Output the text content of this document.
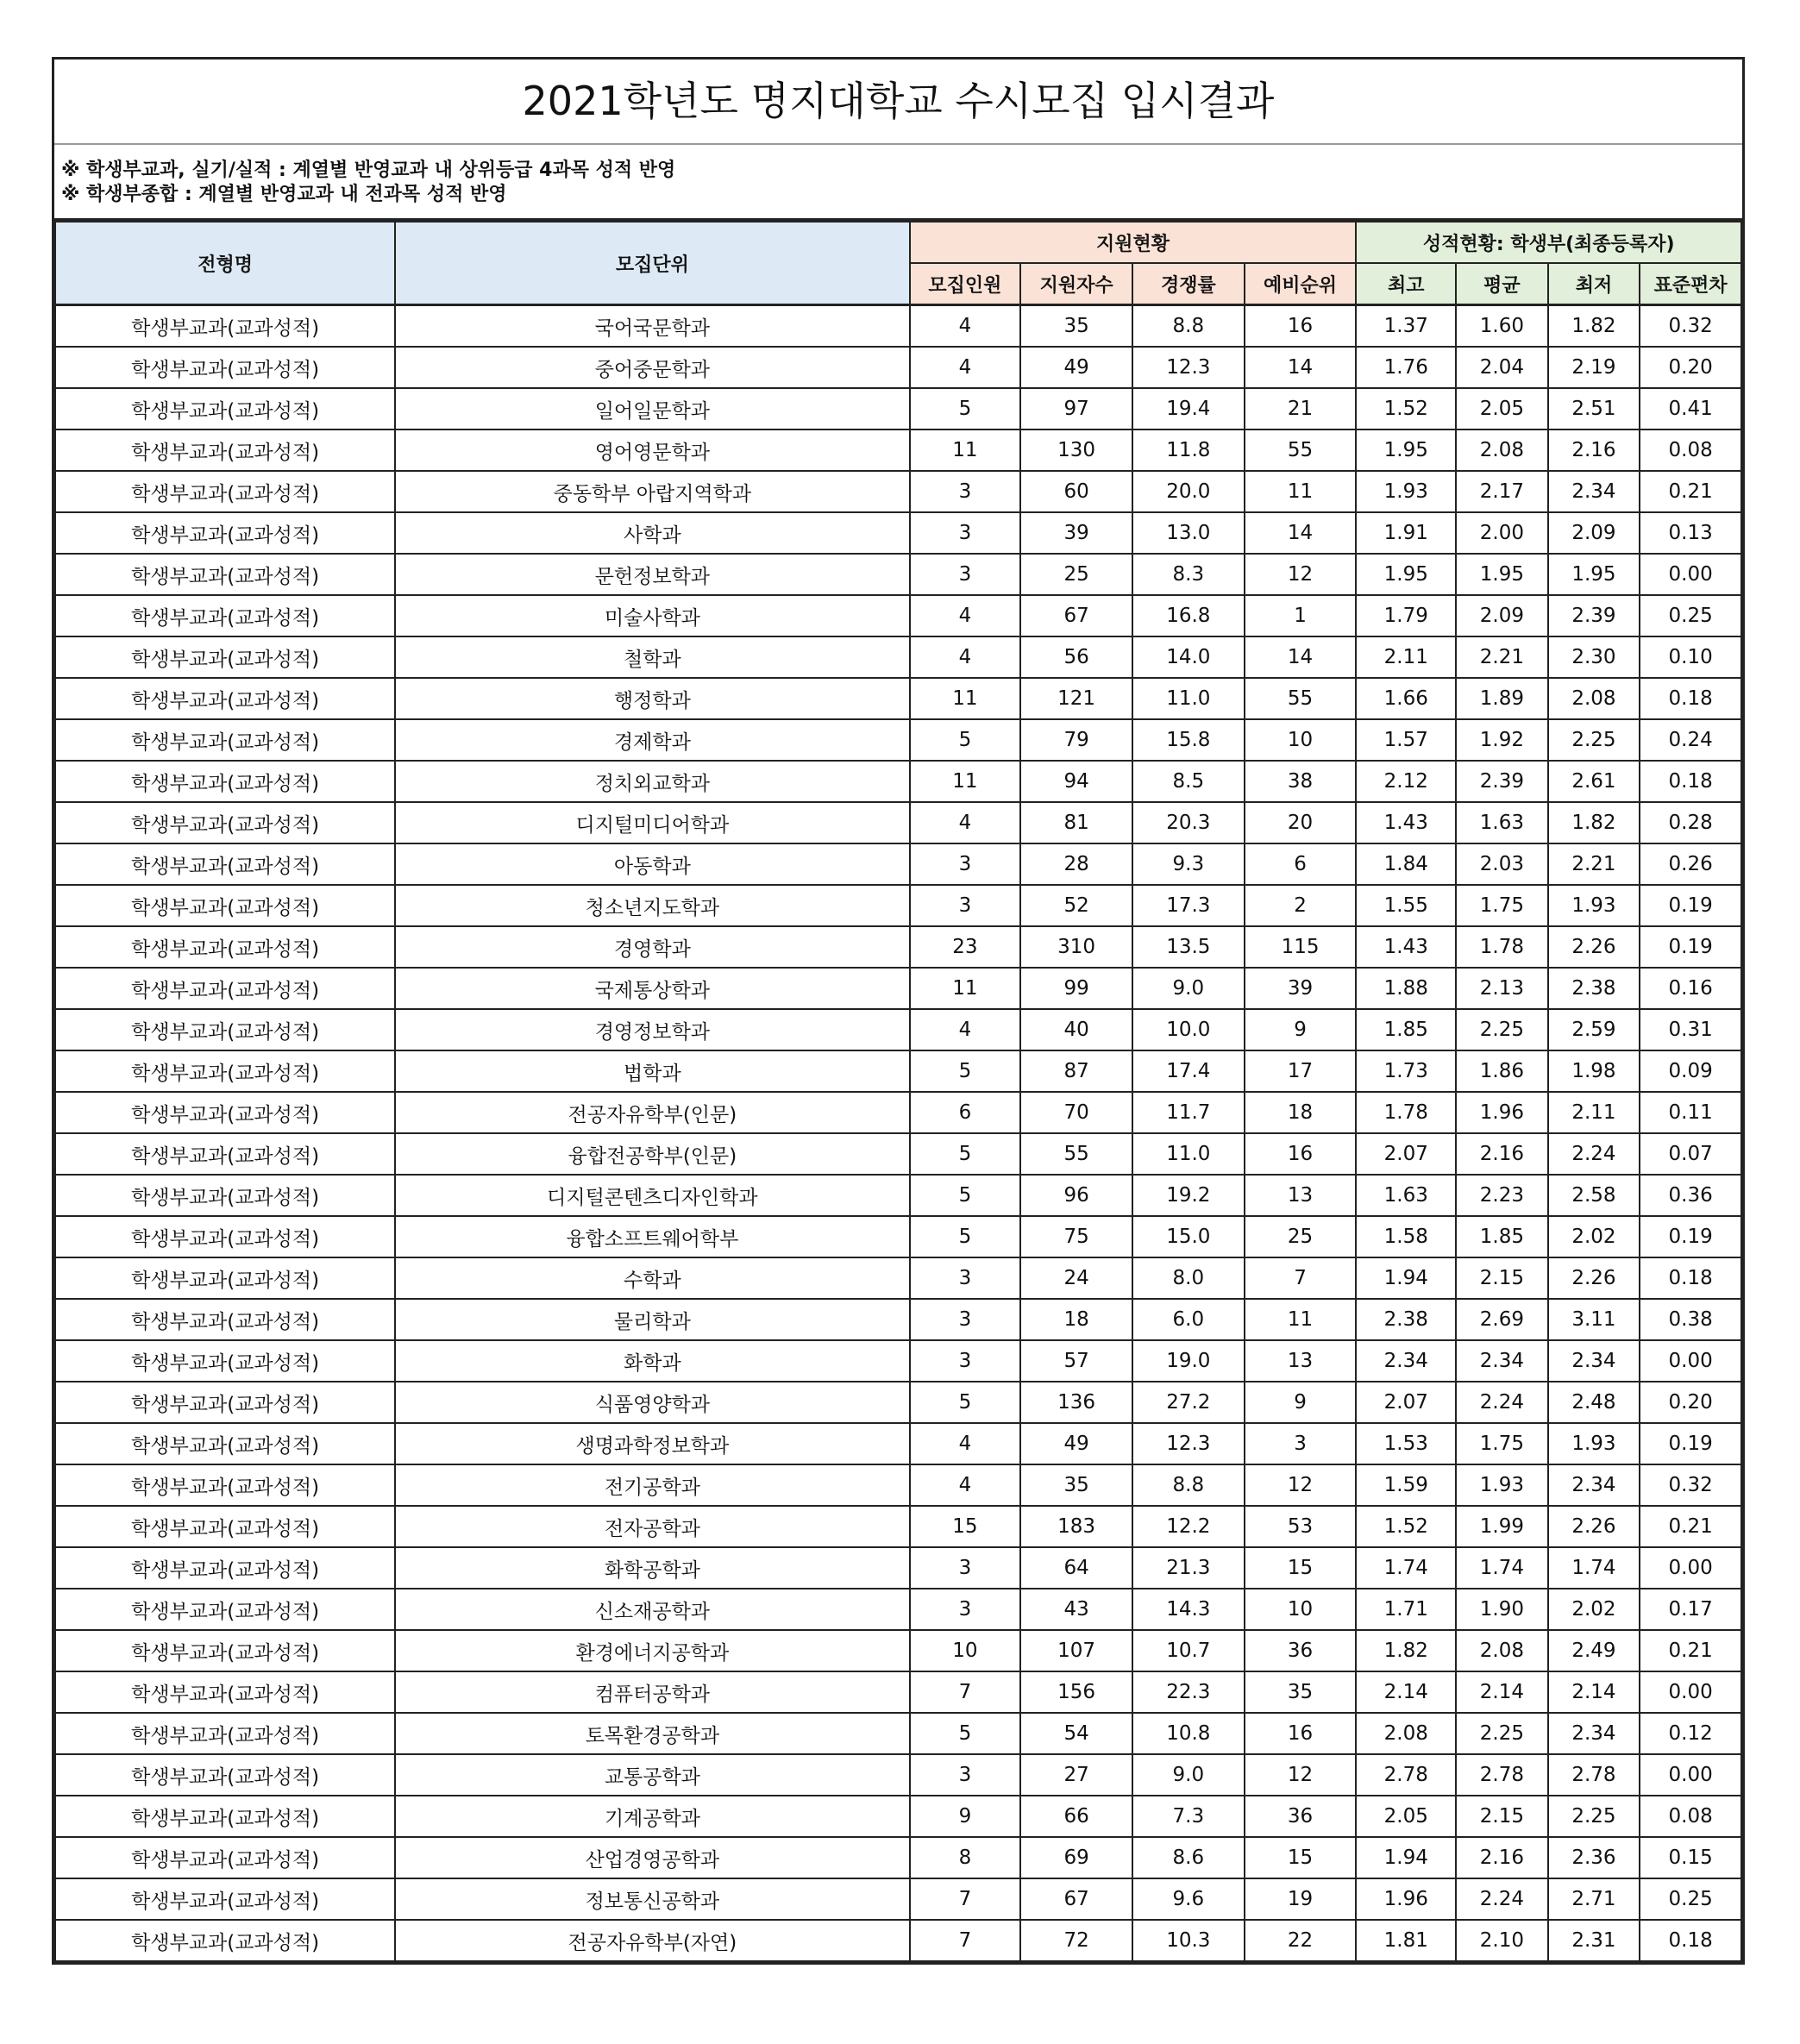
2021학년도 명지대학교 수시모집 입시결과
※ 학생부교과, 실기/실적 : 계열별 반영교과 내 상위등급 4과목 성적 반영
※ 학생부종합 : 계열별 반영교과 내 전과목 성적 반영
전형명	모집단위	지원현황				성적현황: 학생부(최종등록자)			
		모집인원	지원자수	경쟁률	예비순위	최고	평균	최저	표준편차
학생부교과(교과성적)	국어국문학과	4	35	8.8	16	1.37	1.60	1.82	0.32
학생부교과(교과성적)	중어중문학과	4	49	12.3	14	1.76	2.04	2.19	0.20
학생부교과(교과성적)	일어일문학과	5	97	19.4	21	1.52	2.05	2.51	0.41
학생부교과(교과성적)	영어영문학과	11	130	11.8	55	1.95	2.08	2.16	0.08
학생부교과(교과성적)	중동학부 아랍지역학과	3	60	20.0	11	1.93	2.17	2.34	0.21
학생부교과(교과성적)	사학과	3	39	13.0	14	1.91	2.00	2.09	0.13
학생부교과(교과성적)	문헌정보학과	3	25	8.3	12	1.95	1.95	1.95	0.00
학생부교과(교과성적)	미술사학과	4	67	16.8	1	1.79	2.09	2.39	0.25
학생부교과(교과성적)	철학과	4	56	14.0	14	2.11	2.21	2.30	0.10
학생부교과(교과성적)	행정학과	11	121	11.0	55	1.66	1.89	2.08	0.18
학생부교과(교과성적)	경제학과	5	79	15.8	10	1.57	1.92	2.25	0.24
학생부교과(교과성적)	정치외교학과	11	94	8.5	38	2.12	2.39	2.61	0.18
학생부교과(교과성적)	디지털미디어학과	4	81	20.3	20	1.43	1.63	1.82	0.28
학생부교과(교과성적)	아동학과	3	28	9.3	6	1.84	2.03	2.21	0.26
학생부교과(교과성적)	청소년지도학과	3	52	17.3	2	1.55	1.75	1.93	0.19
학생부교과(교과성적)	경영학과	23	310	13.5	115	1.43	1.78	2.26	0.19
학생부교과(교과성적)	국제통상학과	11	99	9.0	39	1.88	2.13	2.38	0.16
학생부교과(교과성적)	경영정보학과	4	40	10.0	9	1.85	2.25	2.59	0.31
학생부교과(교과성적)	법학과	5	87	17.4	17	1.73	1.86	1.98	0.09
학생부교과(교과성적)	전공자유학부(인문)	6	70	11.7	18	1.78	1.96	2.11	0.11
학생부교과(교과성적)	융합전공학부(인문)	5	55	11.0	16	2.07	2.16	2.24	0.07
학생부교과(교과성적)	디지털콘텐츠디자인학과	5	96	19.2	13	1.63	2.23	2.58	0.36
학생부교과(교과성적)	융합소프트웨어학부	5	75	15.0	25	1.58	1.85	2.02	0.19
학생부교과(교과성적)	수학과	3	24	8.0	7	1.94	2.15	2.26	0.18
학생부교과(교과성적)	물리학과	3	18	6.0	11	2.38	2.69	3.11	0.38
학생부교과(교과성적)	화학과	3	57	19.0	13	2.34	2.34	2.34	0.00
학생부교과(교과성적)	식품영양학과	5	136	27.2	9	2.07	2.24	2.48	0.20
학생부교과(교과성적)	생명과학정보학과	4	49	12.3	3	1.53	1.75	1.93	0.19
학생부교과(교과성적)	전기공학과	4	35	8.8	12	1.59	1.93	2.34	0.32
학생부교과(교과성적)	전자공학과	15	183	12.2	53	1.52	1.99	2.26	0.21
학생부교과(교과성적)	화학공학과	3	64	21.3	15	1.74	1.74	1.74	0.00
학생부교과(교과성적)	신소재공학과	3	43	14.3	10	1.71	1.90	2.02	0.17
학생부교과(교과성적)	환경에너지공학과	10	107	10.7	36	1.82	2.08	2.49	0.21
학생부교과(교과성적)	컴퓨터공학과	7	156	22.3	35	2.14	2.14	2.14	0.00
학생부교과(교과성적)	토목환경공학과	5	54	10.8	16	2.08	2.25	2.34	0.12
학생부교과(교과성적)	교통공학과	3	27	9.0	12	2.78	2.78	2.78	0.00
학생부교과(교과성적)	기계공학과	9	66	7.3	36	2.05	2.15	2.25	0.08
학생부교과(교과성적)	산업경영공학과	8	69	8.6	15	1.94	2.16	2.36	0.15
학생부교과(교과성적)	정보통신공학과	7	67	9.6	19	1.96	2.24	2.71	0.25
학생부교과(교과성적)	전공자유학부(자연)	7	72	10.3	22	1.81	2.10	2.31	0.18
